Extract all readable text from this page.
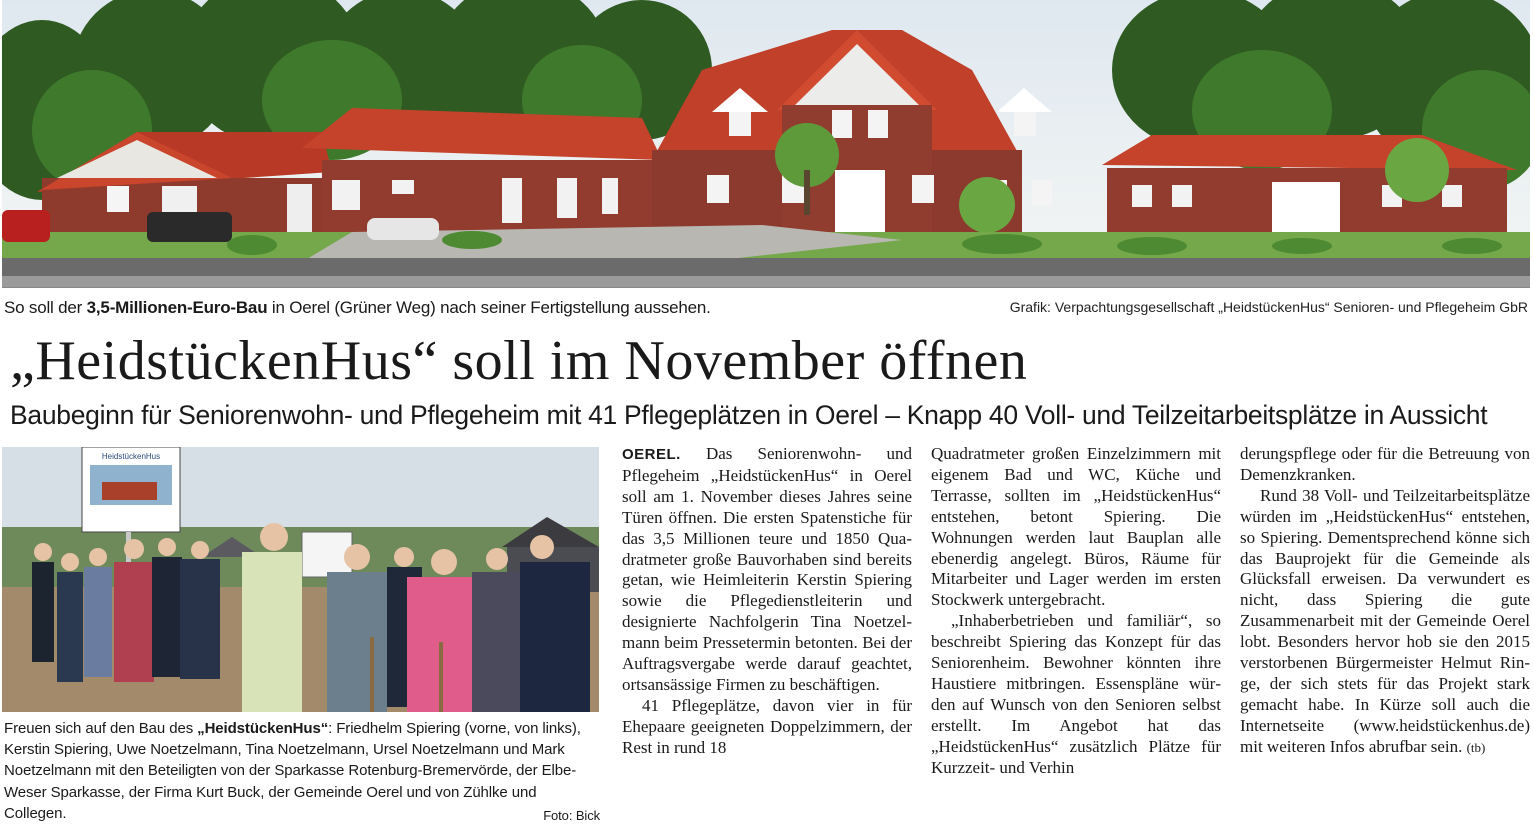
So soll der 3,5-Millionen-Euro-Bau in Oerel (Grüner Weg) nach seiner Fertigstellung aussehen.	Grafik: Verpachtungsgesellschaft „HeidstückenHus“ Senioren- und Pflegeheim GbR
„HeidstückenHus“ soll im November öffnen
Baubeginn für Seniorenwohn- und Pflegeheim mit 41 Pflegeplätzen in Oerel – Knapp 40 Voll- und Teilzeitarbeitsplätze in Aussicht
HeidstückenHus
Freuen sich auf den Bau des „HeidstückenHus“: Friedhelm Spiering (vorne, von links), Kerstin Spiering, Uwe Noetzelmann, Tina Noetzelmann, Ursel Noetzelmann und Mark Noetzelmann mit den Beteiligten von der Sparkasse Rotenburg-Bremervörde, der Elbe-Weser Sparkasse, der Firma Kurt Buck, der Gemeinde Oerel und von Zühlke und Collegen.	Foto: Bick

OEREL. Das Seniorenwohn- und Pflegeheim „HeidstückenHus“ in Oerel soll am 1. November dieses Jahres seine Türen öffnen. Die ersten Spatenstiche für das 3,5 Millionen teure und 1850 Quadratmeter große Bauvorhaben sind bereits getan, wie Heimleiterin Kerstin Spiering sowie die Pflegedienstleiterin und designierte Nachfolgerin Tina Noetzelmann beim Pressetermin betonten. Bei der Auftragsvergabe werde darauf geachtet, ortsansässige Firmen zu beschäftigen.

41 Pflegeplätze, davon vier in für Ehepaare geeigneten Doppelzimmern, der Rest in rund 18

Quadratmeter großen Einzelzimmern mit eigenem Bad und WC, Küche und Terrasse, sollten im „HeidstückenHus“ entstehen, betont Spiering. Die Wohnungen werden laut Bauplan alle ebenerdig angelegt. Büros, Räume für Mitarbeiter und Lager werden im ersten Stockwerk untergebracht.

„Inhaberbetrieben und familiär“, so beschreibt Spiering das Konzept für das Seniorenheim. Bewohner könnten ihre Haustiere mitbringen. Essenspläne würden auf Wunsch von den Senioren selbst erstellt. Im Angebot hat das „HeidstückenHus“ zusätzlich Plätze für Kurzzeit- und Verhin

derungspflege oder für die Betreuung von Demenzkranken.

Rund 38 Voll- und Teilzeitarbeitsplätze würden im „HeidstückenHus“ entstehen, so Spiering. Dementsprechend könne sich das Bauprojekt für die Gemeinde als Glücksfall erweisen. Da verwundert es nicht, dass Spiering die gute Zusammenarbeit mit der Gemeinde Oerel lobt. Besonders hervor hob sie den 2015 verstorbenen Bürgermeister Helmut Ringe, der sich stets für das Projekt stark gemacht habe. In Kürze soll auch die Internetseite (www.heidstückenhus.de) mit weiteren Infos abrufbar sein. (tb)
